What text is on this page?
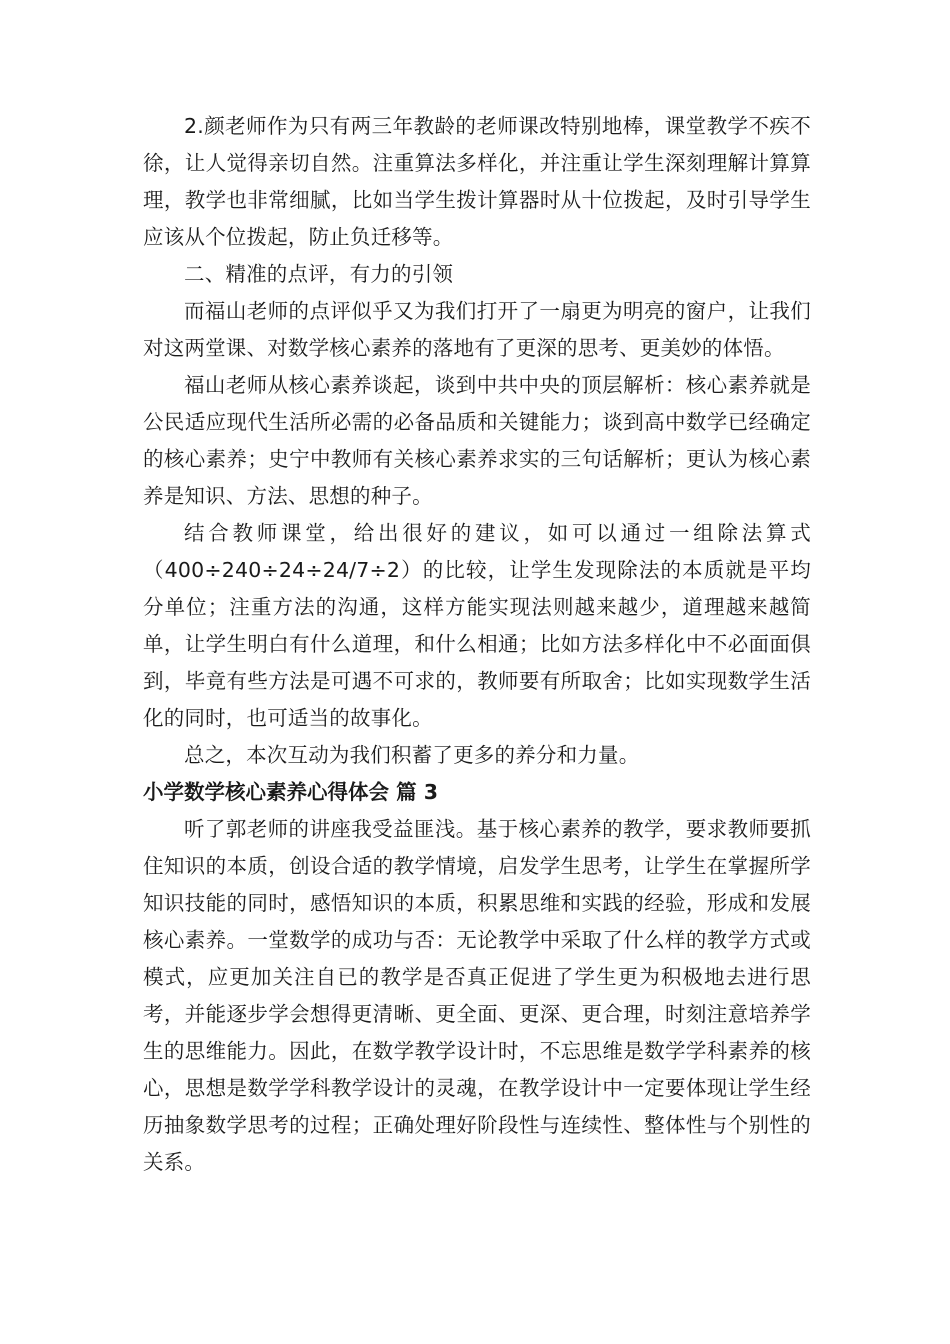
2.颜老师作为只有两三年教龄的老师课改特别地棒，课堂教学不疾不徐，让人觉得亲切自然。注重算法多样化，并注重让学生深刻理解计算算理，教学也非常细腻，比如当学生拨计算器时从十位拨起，及时引导学生应该从个位拨起，防止负迁移等。

二、精准的点评，有力的引领

而福山老师的点评似乎又为我们打开了一扇更为明亮的窗户，让我们对这两堂课、对数学核心素养的落地有了更深的思考、更美妙的体悟。

福山老师从核心素养谈起，谈到中共中央的顶层解析：核心素养就是公民适应现代生活所必需的必备品质和关键能力；谈到高中数学已经确定的核心素养；史宁中教师有关核心素养求实的三句话解析；更认为核心素养是知识、方法、思想的种子。

结合教师课堂，给出很好的建议，如可以通过一组除法算式（400÷240÷24÷24/7÷2）的比较，让学生发现除法的本质就是平均分单位；注重方法的沟通，这样方能实现法则越来越少，道理越来越简单，让学生明白有什么道理，和什么相通；比如方法多样化中不必面面俱到，毕竟有些方法是可遇不可求的，教师要有所取舍；比如实现数学生活化的同时，也可适当的故事化。

总之，本次互动为我们积蓄了更多的养分和力量。

小学数学核心素养心得体会 篇 3

听了郭老师的讲座我受益匪浅。基于核心素养的教学，要求教师要抓住知识的本质，创设合适的教学情境，启发学生思考，让学生在掌握所学知识技能的同时，感悟知识的本质，积累思维和实践的经验，形成和发展核心素养。一堂数学的成功与否：无论教学中采取了什么样的教学方式或模式，应更加关注自已的教学是否真正促进了学生更为积极地去进行思考，并能逐步学会想得更清晰、更全面、更深、更合理，时刻注意培养学生的思维能力。因此，在数学教学设计时，不忘思维是数学学科素养的核心，思想是数学学科教学设计的灵魂，在教学设计中一定要体现让学生经历抽象数学思考的过程；正确处理好阶段性与连续性、整体性与个别性的关系。
